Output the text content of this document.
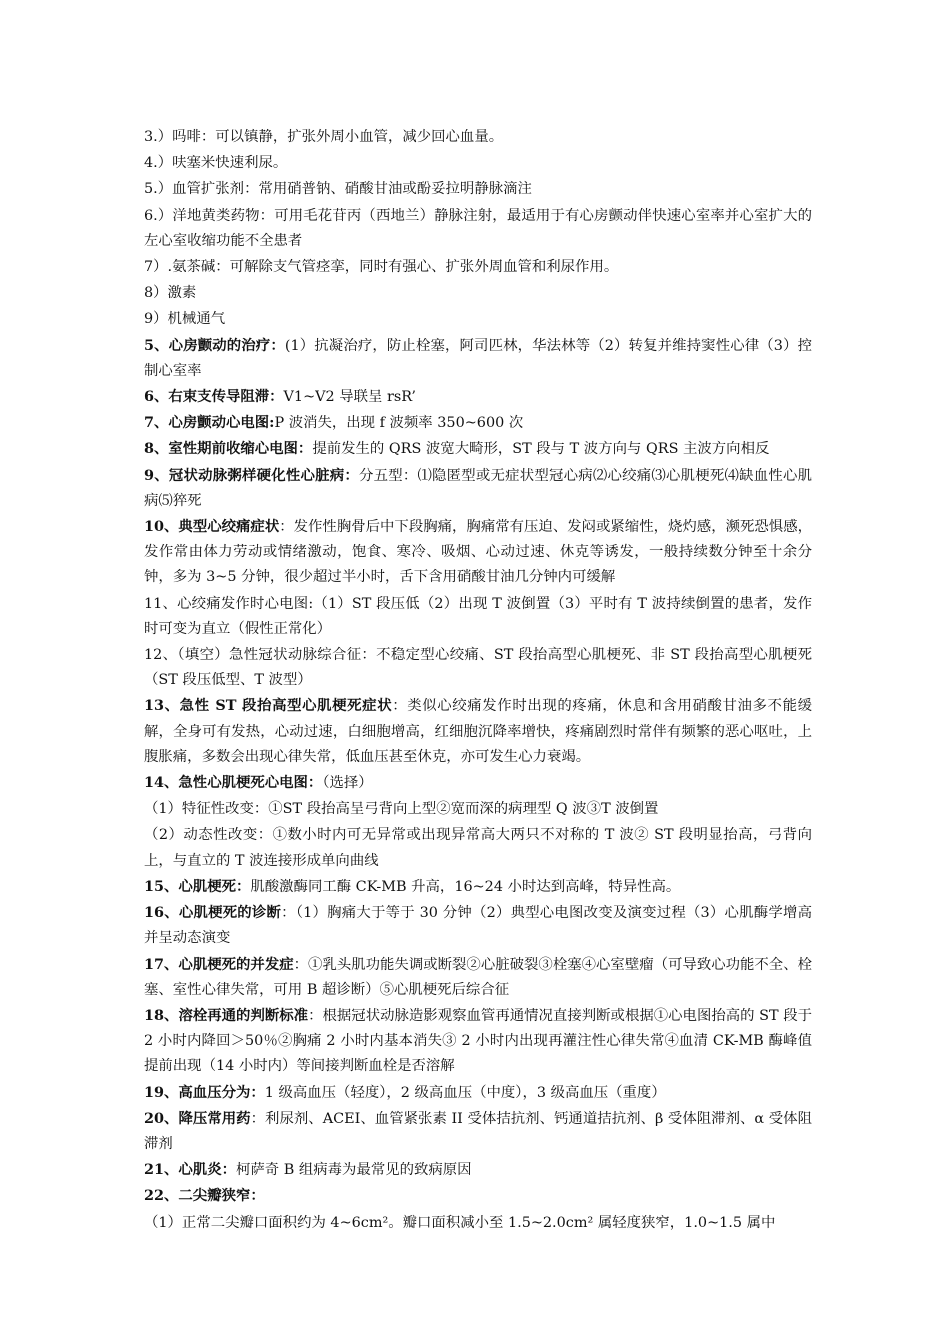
3.）吗啡：可以镇静，扩张外周小血管，减少回心血量。

4.）呋塞米快速利尿。

5.）血管扩张剂：常用硝普钠、硝酸甘油或酚妥拉明静脉滴注

6.）洋地黄类药物：可用毛花苷丙（西地兰）静脉注射，最适用于有心房颤动伴快速心室率并心室扩大的左心室收缩功能不全患者

7）.氨茶碱：可解除支气管痉挛，同时有强心、扩张外周血管和利尿作用。

8）激素

9）机械通气

5、心房颤动的治疗：(1）抗凝治疗，防止栓塞，阿司匹林，华法林等（2）转复并维持窦性心律（3）控制心室率

6、右束支传导阻滞：V1~V2 导联呈 rsR’

7、心房颤动心电图:P 波消失，出现 f 波频率 350~600 次

8、室性期前收缩心电图：提前发生的 QRS 波宽大畸形，ST 段与 T 波方向与 QRS 主波方向相反

9、冠状动脉粥样硬化性心脏病：分五型：⑴隐匿型或无症状型冠心病⑵心绞痛⑶心肌梗死⑷缺血性心肌病⑸猝死

10、典型心绞痛症状：发作性胸骨后中下段胸痛，胸痛常有压迫、发闷或紧缩性，烧灼感，濒死恐惧感，发作常由体力劳动或情绪激动，饱食、寒冷、吸烟、心动过速、休克等诱发，一般持续数分钟至十余分钟，多为 3~5 分钟，很少超过半小时，舌下含用硝酸甘油几分钟内可缓解

11、心绞痛发作时心电图:（1）ST 段压低（2）出现 T 波倒置（3）平时有 T 波持续倒置的患者，发作时可变为直立（假性正常化）

12、（填空）急性冠状动脉综合征：不稳定型心绞痛、ST 段抬高型心肌梗死、非 ST 段抬高型心肌梗死（ST 段压低型、T 波型）

13、急性 ST 段抬高型心肌梗死症状：类似心绞痛发作时出现的疼痛，休息和含用硝酸甘油多不能缓解，全身可有发热，心动过速，白细胞增高，红细胞沉降率增快，疼痛剧烈时常伴有频繁的恶心呕吐，上腹胀痛，多数会出现心律失常，低血压甚至休克，亦可发生心力衰竭。

14、急性心肌梗死心电图：（选择）

（1）特征性改变：①ST 段抬高呈弓背向上型②宽而深的病理型 Q 波③T 波倒置

（2）动态性改变：①数小时内可无异常或出现异常高大两只不对称的 T 波② ST 段明显抬高，弓背向上，与直立的 T 波连接形成单向曲线

15、心肌梗死：肌酸激酶同工酶 CK-MB 升高，16~24 小时达到高峰，特异性高。

16、心肌梗死的诊断：（1）胸痛大于等于 30 分钟（2）典型心电图改变及演变过程（3）心肌酶学增高并呈动态演变

17、心肌梗死的并发症：①乳头肌功能失调或断裂②心脏破裂③栓塞④心室壁瘤（可导致心功能不全、栓塞、室性心律失常，可用 B 超诊断）⑤心肌梗死后综合征

18、溶栓再通的判断标准：根据冠状动脉造影观察血管再通情况直接判断或根据①心电图抬高的 ST 段于 2 小时内降回＞50％②胸痛 2 小时内基本消失③ 2 小时内出现再灌注性心律失常④血清 CK-MB 酶峰值提前出现（14 小时内）等间接判断血栓是否溶解

19、高血压分为：1 级高血压（轻度），2 级高血压（中度），3 级高血压（重度）

20、降压常用药：利尿剂、ACEI、血管紧张素 II 受体拮抗剂、钙通道拮抗剂、β 受体阻滞剂、α 受体阻滞剂

21、心肌炎：柯萨奇 B 组病毒为最常见的致病原因

22、二尖瓣狭窄：

（1）正常二尖瓣口面积约为 4~6cm²。瓣口面积减小至 1.5~2.0cm² 属轻度狭窄，1.0~1.5 属中
